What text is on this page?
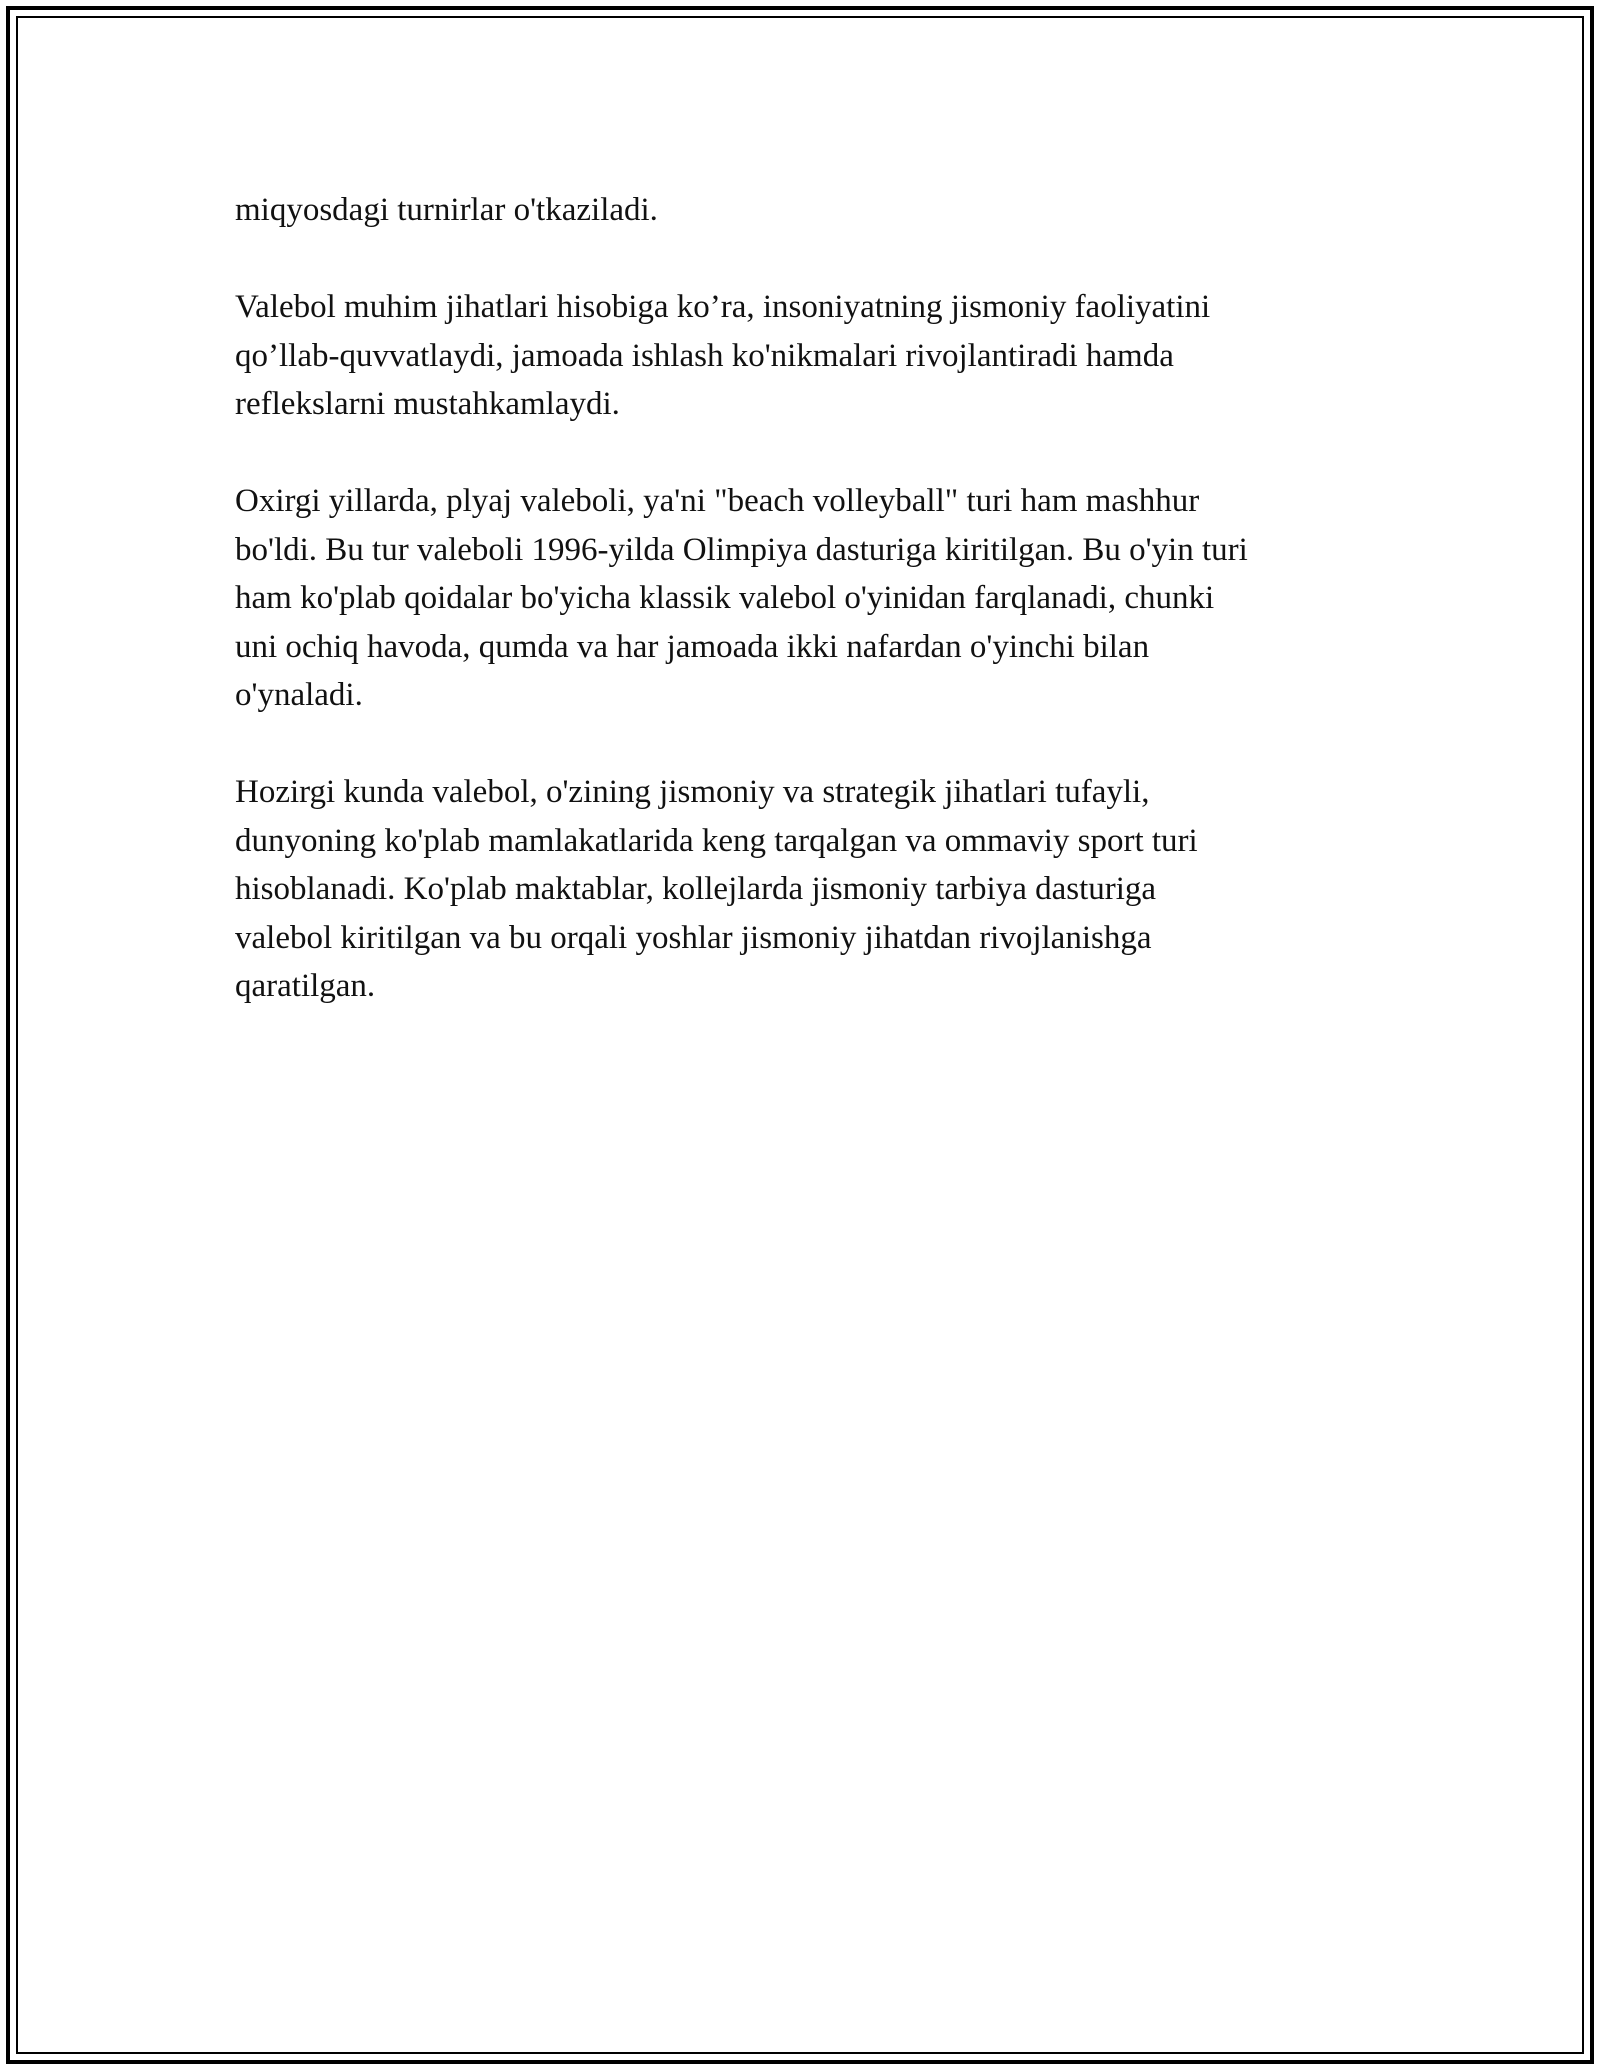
miqyosdagi turnirlar o'tkaziladi.

Valebol muhim jihatlari hisobiga ko’ra, insoniyatning jismoniy faoliyatini
qo’llab-quvvatlaydi, jamoada ishlash ko'nikmalari rivojlantiradi hamda
reflekslarni mustahkamlaydi.

Oxirgi yillarda, plyaj valeboli, ya'ni "beach volleyball" turi ham mashhur
bo'ldi. Bu tur valeboli 1996-yilda Olimpiya dasturiga kiritilgan. Bu o'yin turi
ham ko'plab qoidalar bo'yicha klassik valebol o'yinidan farqlanadi, chunki
uni ochiq havoda, qumda va har jamoada ikki nafardan o'yinchi bilan
o'ynaladi.

Hozirgi kunda valebol, o'zining jismoniy va strategik jihatlari tufayli,
dunyoning ko'plab mamlakatlarida keng tarqalgan va ommaviy sport turi
hisoblanadi. Ko'plab maktablar, kollejlarda jismoniy tarbiya dasturiga
valebol kiritilgan va bu orqali yoshlar jismoniy jihatdan rivojlanishga
qaratilgan.
